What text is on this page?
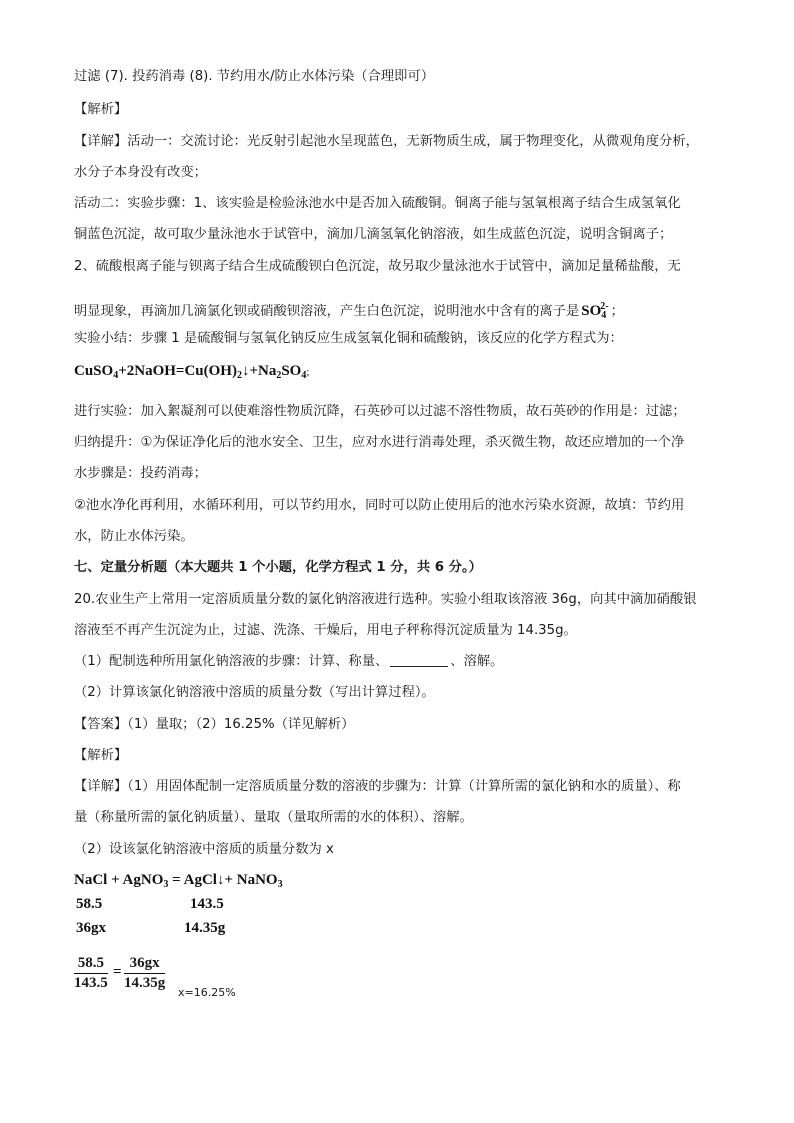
过滤 (7). 投药消毒 (8). 节约用水/防止水体污染（合理即可）
【解析】
【详解】活动一：交流讨论：光反射引起池水呈现蓝色，无新物质生成，属于物理变化，从微观角度分析，
水分子本身没有改变；
活动二：实验步骤：1、该实验是检验泳池水中是否加入硫酸铜。铜离子能与氢氧根离子结合生成氢氧化
铜蓝色沉淀，故可取少量泳池水于试管中，滴加几滴氢氧化钠溶液，如生成蓝色沉淀，说明含铜离子；
2、硫酸根离子能与钡离子结合生成硫酸钡白色沉淀，故另取少量泳池水于试管中，滴加足量稀盐酸，无
明显现象，再滴加几滴氯化钡或硝酸钡溶液，产生白色沉淀，说明池水中含有的离子是 $SO_4^{2-}$ ；
实验小结：步骤 1 是硫酸铜与氢氧化钠反应生成氢氧化铜和硫酸钠，该反应的化学方程式为：
$CuSO_4+2NaOH=Cu(OH)_2↓+Na_2SO_4$;
进行实验：加入絮凝剂可以使难溶性物质沉降，石英砂可以过滤不溶性物质，故石英砂的作用是：过滤；
归纳提升：①为保证净化后的池水安全、卫生，应对水进行消毒处理，杀灭微生物，故还应增加的一个净
水步骤是：投药消毒；
②池水净化再利用，水循环利用，可以节约用水，同时可以防止使用后的池水污染水资源，故填：节约用
水，防止水体污染。
七、定量分析题（本大题共 1 个小题，化学方程式 1 分，共 6 分。）
20.农业生产上常用一定溶质质量分数的氯化钠溶液进行选种。实验小组取该溶液 36g，向其中滴加硝酸银
溶液至不再产生沉淀为止，过滤、洗涤、干燥后，用电子秤称得沉淀质量为 14.35g。
（1）配制选种所用氯化钠溶液的步骤：计算、称量、	、溶解。
（2）计算该氯化钠溶液中溶质的质量分数（写出计算过程）。
【答案】（1）量取；（2）16.25%（详见解析）
【解析】
【详解】（1）用固体配制一定溶质质量分数的溶液的步骤为：计算（计算所需的氯化钠和水的质量）、称
量（称量所需的氯化钠质量）、量取（量取所需的水的体积）、溶解。
（2）设该氯化钠溶液中溶质的质量分数为 x
NaCl + AgNO$_3$ = AgCl↓+ NaNO$_3$
58.5	143.5
36gx	14.35g
$\frac{58.5}{143.5} = \frac{36gx}{14.35g}$
x=16.25%
